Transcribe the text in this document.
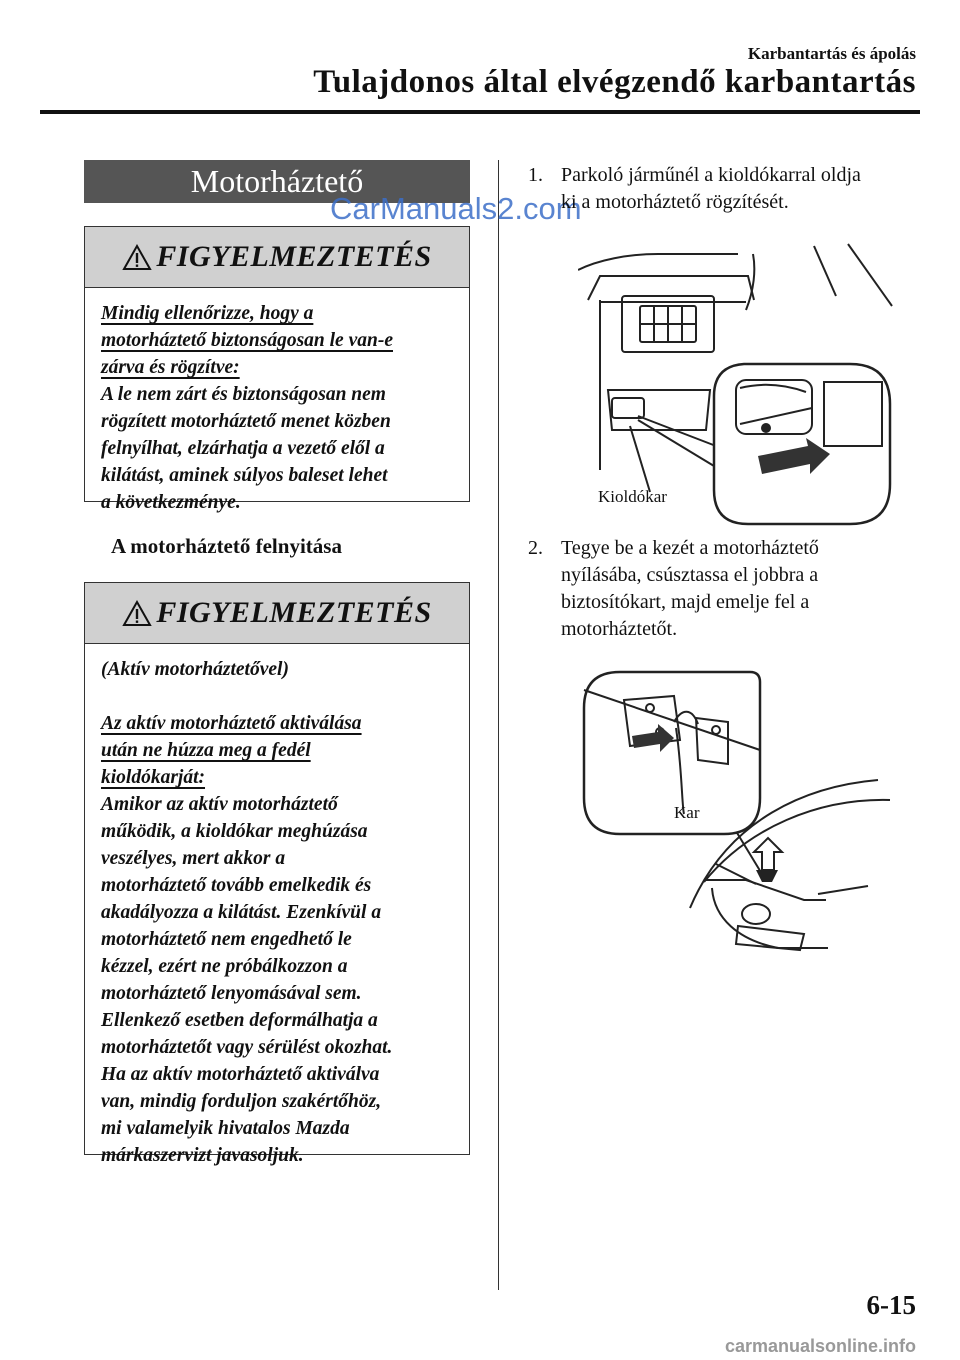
Karbantartás és ápolás
Tulajdonos által elvégzendő karbantartás
Motorháztető
CarManuals2.com
FIGYELMEZTETÉS
Mindig ellenőrizze, hogy a
motorháztető biztonságosan le van-e
zárva és rögzítve:
A le nem zárt és biztonságosan nem
rögzített motorháztető menet közben
felnyílhat, elzárhatja a vezető elől a
kilátást, aminek súlyos baleset lehet
a következménye.
A motorháztető felnyitása
FIGYELMEZTETÉS
(Aktív motorháztetővel)
Az aktív motorháztető aktiválása
után ne húzza meg a fedél
kioldókarját:
Amikor az aktív motorháztető
működik, a kioldókar meghúzása
veszélyes, mert akkor a
motorháztető tovább emelkedik és
akadályozza a kilátást. Ezenkívül a
motorháztető nem engedhető le
kézzel, ezért ne próbálkozzon a
motorháztető lenyomásával sem.
Ellenkező esetben deformálhatja a
motorháztetőt vagy sérülést okozhat.
Ha az aktív motorháztető aktiválva
van, mindig forduljon szakértőhöz,
mi valamelyik hivatalos Mazda
márkaszervizt javasoljuk.
1. Parkoló járműnél a kioldókarral oldja
ki a motorháztető rögzítését.
Kioldókar
2. Tegye be a kezét a motorháztető
nyílásába, csúsztassa el jobbra a
biztosítókart, majd emelje fel a
motorháztetőt.
Kar
6-15
carmanualsonline.info
